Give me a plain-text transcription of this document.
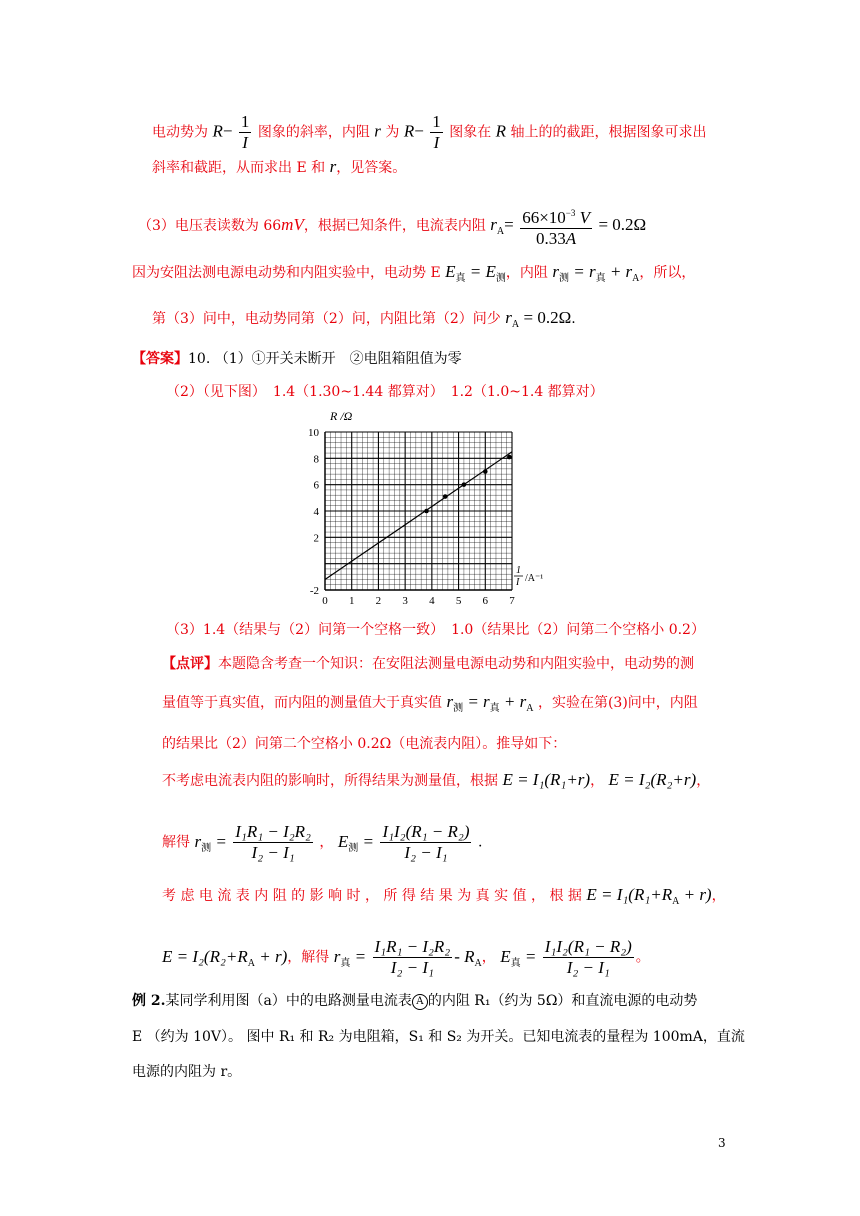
电动势为 $R- \frac{1}{I}$ 图象的斜率，内阻 r 为 $R- \frac{1}{I}$ 图象在 R 轴上的的截距，根据图象可求出
斜率和截距，从而求出 E 和 r，见答案。
（3）电压表读数为 66mV，根据已知条件，电流表内阻 $r_A= \frac{66\times 10^{-3} V}{0.33A} = 0.2\Omega$
因为安阻法测电源电动势和内阻实验中，电动势 E $E_真 = E_测$，内阻 $r_测 = r_真 + r_A$，所以，
第（3）问中，电动势同第（2）问，内阻比第（2）问少 $r_A = 0.2\Omega$.
【答案】10. （1）①开关未断开　②电阻箱阻值为零
（2）（见下图）　1.4（1.30~1.44 都算对）　1.2（1.0~1.4 都算对）
0 1 2 3 4 5 6 7
-2
2
4
6
8
10
R /Ω
1
I /A⁻¹
（3）1.4（结果与（2）问第一个空格一致）　1.0（结果比（2）问第二个空格小 0.2）
【点评】本题隐含考查一个知识：在安阻法测量电源电动势和内阻实验中，电动势的测
量值等于真实值，而内阻的测量值大于真实值 $r_测 = r_真 + r_A$ ，实验在第(3)问中，内阻
的结果比（2）问第二个空格小 0.2Ω（电流表内阻）。推导如下：
不考虑电流表内阻的影响时，所得结果为测量值，根据 E = I₁(R₁+r)， E = I₂(R₂+r)，
解得 $r_测 = \frac{\text{I₁R₁ − I₂R₂}}{\text{I₂ − I₁}}$ ， $E_测 = \frac{\text{I₁I₂(R₁ − R₂)}}{\text{I₂ − I₁}}$ .
考 虑 电 流 表 内 阻 的 影 响 时 ， 所 得 结 果 为 真 实 值 ， 根 据 $E = I_1(R_1+R_A + r)$，
$E = I_2(R_2+R_A + r)$，解得 $r_真 = \frac{\text{I₁R₁ − I₂R₂}}{\text{I₂ − I₁}} - R_A$， $E_真 = \frac{\text{I₁I₂(R₁ − R₂)}}{\text{I₂ − I₁}}$ 。
例 2.某同学利用图（a）中的电路测量电流表 A 的内阻 R₁（约为 5Ω）和直流电源的电动势
E （约为 10V）。 图中 R₁ 和 R₂ 为电阻箱，S₁ 和 S₂ 为开关。已知电流表的量程为 100mA，直流
电源的内阻为 r。
3
